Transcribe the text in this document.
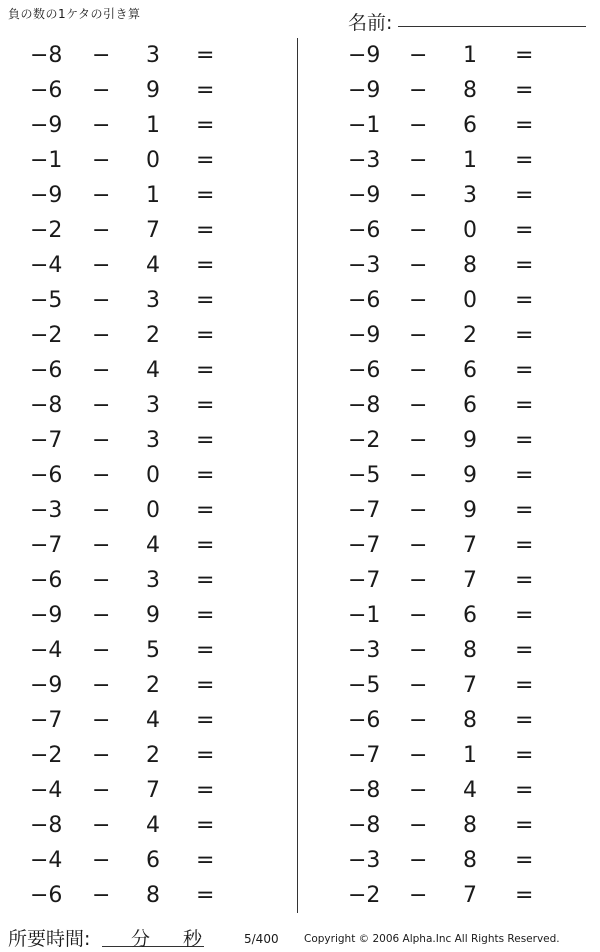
負の数の1ケタの引き算	名前:
−8 − 3 =
−6 − 9 =
−9 − 1 =
−1 − 0 =
−9 − 1 =
−2 − 7 =
−4 − 4 =
−5 − 3 =
−2 − 2 =
−6 − 4 =
−8 − 3 =
−7 − 3 =
−6 − 0 =
−3 − 0 =
−7 − 4 =
−6 − 3 =
−9 − 9 =
−4 − 5 =
−9 − 2 =
−7 − 4 =
−2 − 2 =
−4 − 7 =
−8 − 4 =
−4 − 6 =
−6 − 8 =
−9 − 1 =
−9 − 8 =
−1 − 6 =
−3 − 1 =
−9 − 3 =
−6 − 0 =
−3 − 8 =
−6 − 0 =
−9 − 2 =
−6 − 6 =
−8 − 6 =
−2 − 9 =
−5 − 9 =
−7 − 9 =
−7 − 7 =
−7 − 7 =
−1 − 6 =
−3 − 8 =
−5 − 7 =
−6 − 8 =
−7 − 1 =
−8 − 4 =
−8 − 8 =
−3 − 8 =
−2 − 7 =
所要時間: 分 秒	5/400 Copyright © 2006 Alpha.Inc All Rights Reserved.
